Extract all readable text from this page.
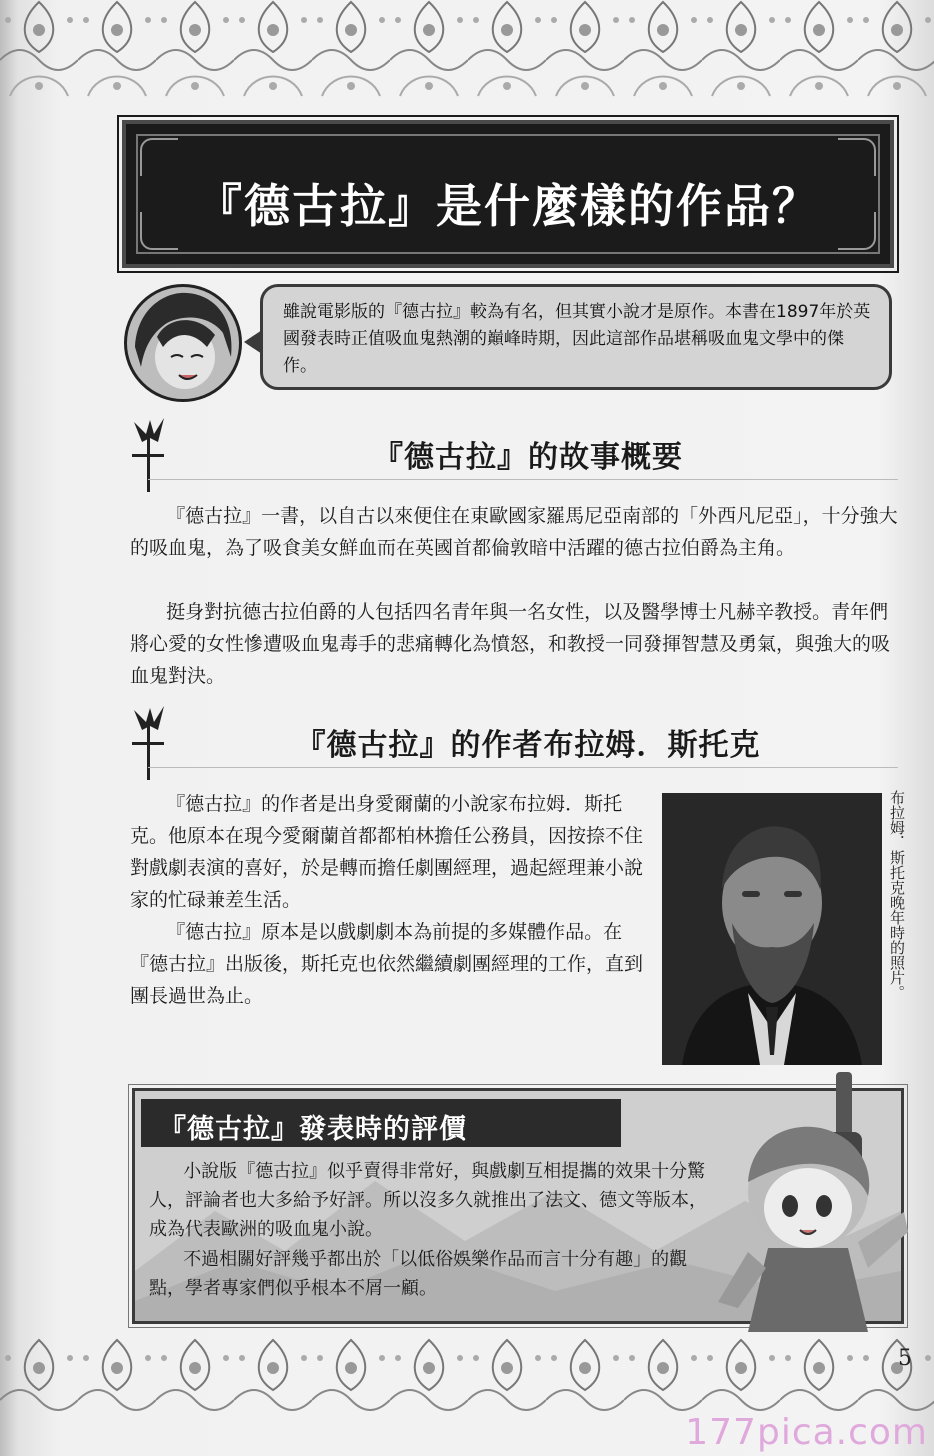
『德古拉』是什麼樣的作品？
雖說電影版的『德古拉』較為有名，但其實小說才是原作。本書在1897年於英國發表時正值吸血鬼熱潮的巔峰時期，因此這部作品堪稱吸血鬼文學中的傑作。
『德古拉』的故事概要

『德古拉』一書，以自古以來便住在東歐國家羅馬尼亞南部的「外西凡尼亞」，十分強大的吸血鬼，為了吸食美女鮮血而在英國首都倫敦暗中活躍的德古拉伯爵為主角。

挺身對抗德古拉伯爵的人包括四名青年與一名女性，以及醫學博士凡赫辛教授。青年們將心愛的女性慘遭吸血鬼毒手的悲痛轉化為憤怒，和教授一同發揮智慧及勇氣，與強大的吸血鬼對決。

『德古拉』的作者布拉姆．斯托克

『德古拉』的作者是出身愛爾蘭的小說家布拉姆．斯托克。他原本在現今愛爾蘭首都都柏林擔任公務員，因按捺不住對戲劇表演的喜好，於是轉而擔任劇團經理，過起經理兼小說家的忙碌兼差生活。

『德古拉』原本是以戲劇劇本為前提的多媒體作品。在『德古拉』出版後，斯托克也依然繼續劇團經理的工作，直到團長過世為止。	布拉姆．斯托克晚年時的照片。
『德古拉』發表時的評價

小說版『德古拉』似乎賣得非常好，與戲劇互相提攜的效果十分驚人，評論者也大多給予好評。所以沒多久就推出了法文、德文等版本，成為代表歐洲的吸血鬼小說。

不過相關好評幾乎都出於「以低俗娛樂作品而言十分有趣」的觀點，學者專家們似乎根本不屑一顧。

5
177pica.com
